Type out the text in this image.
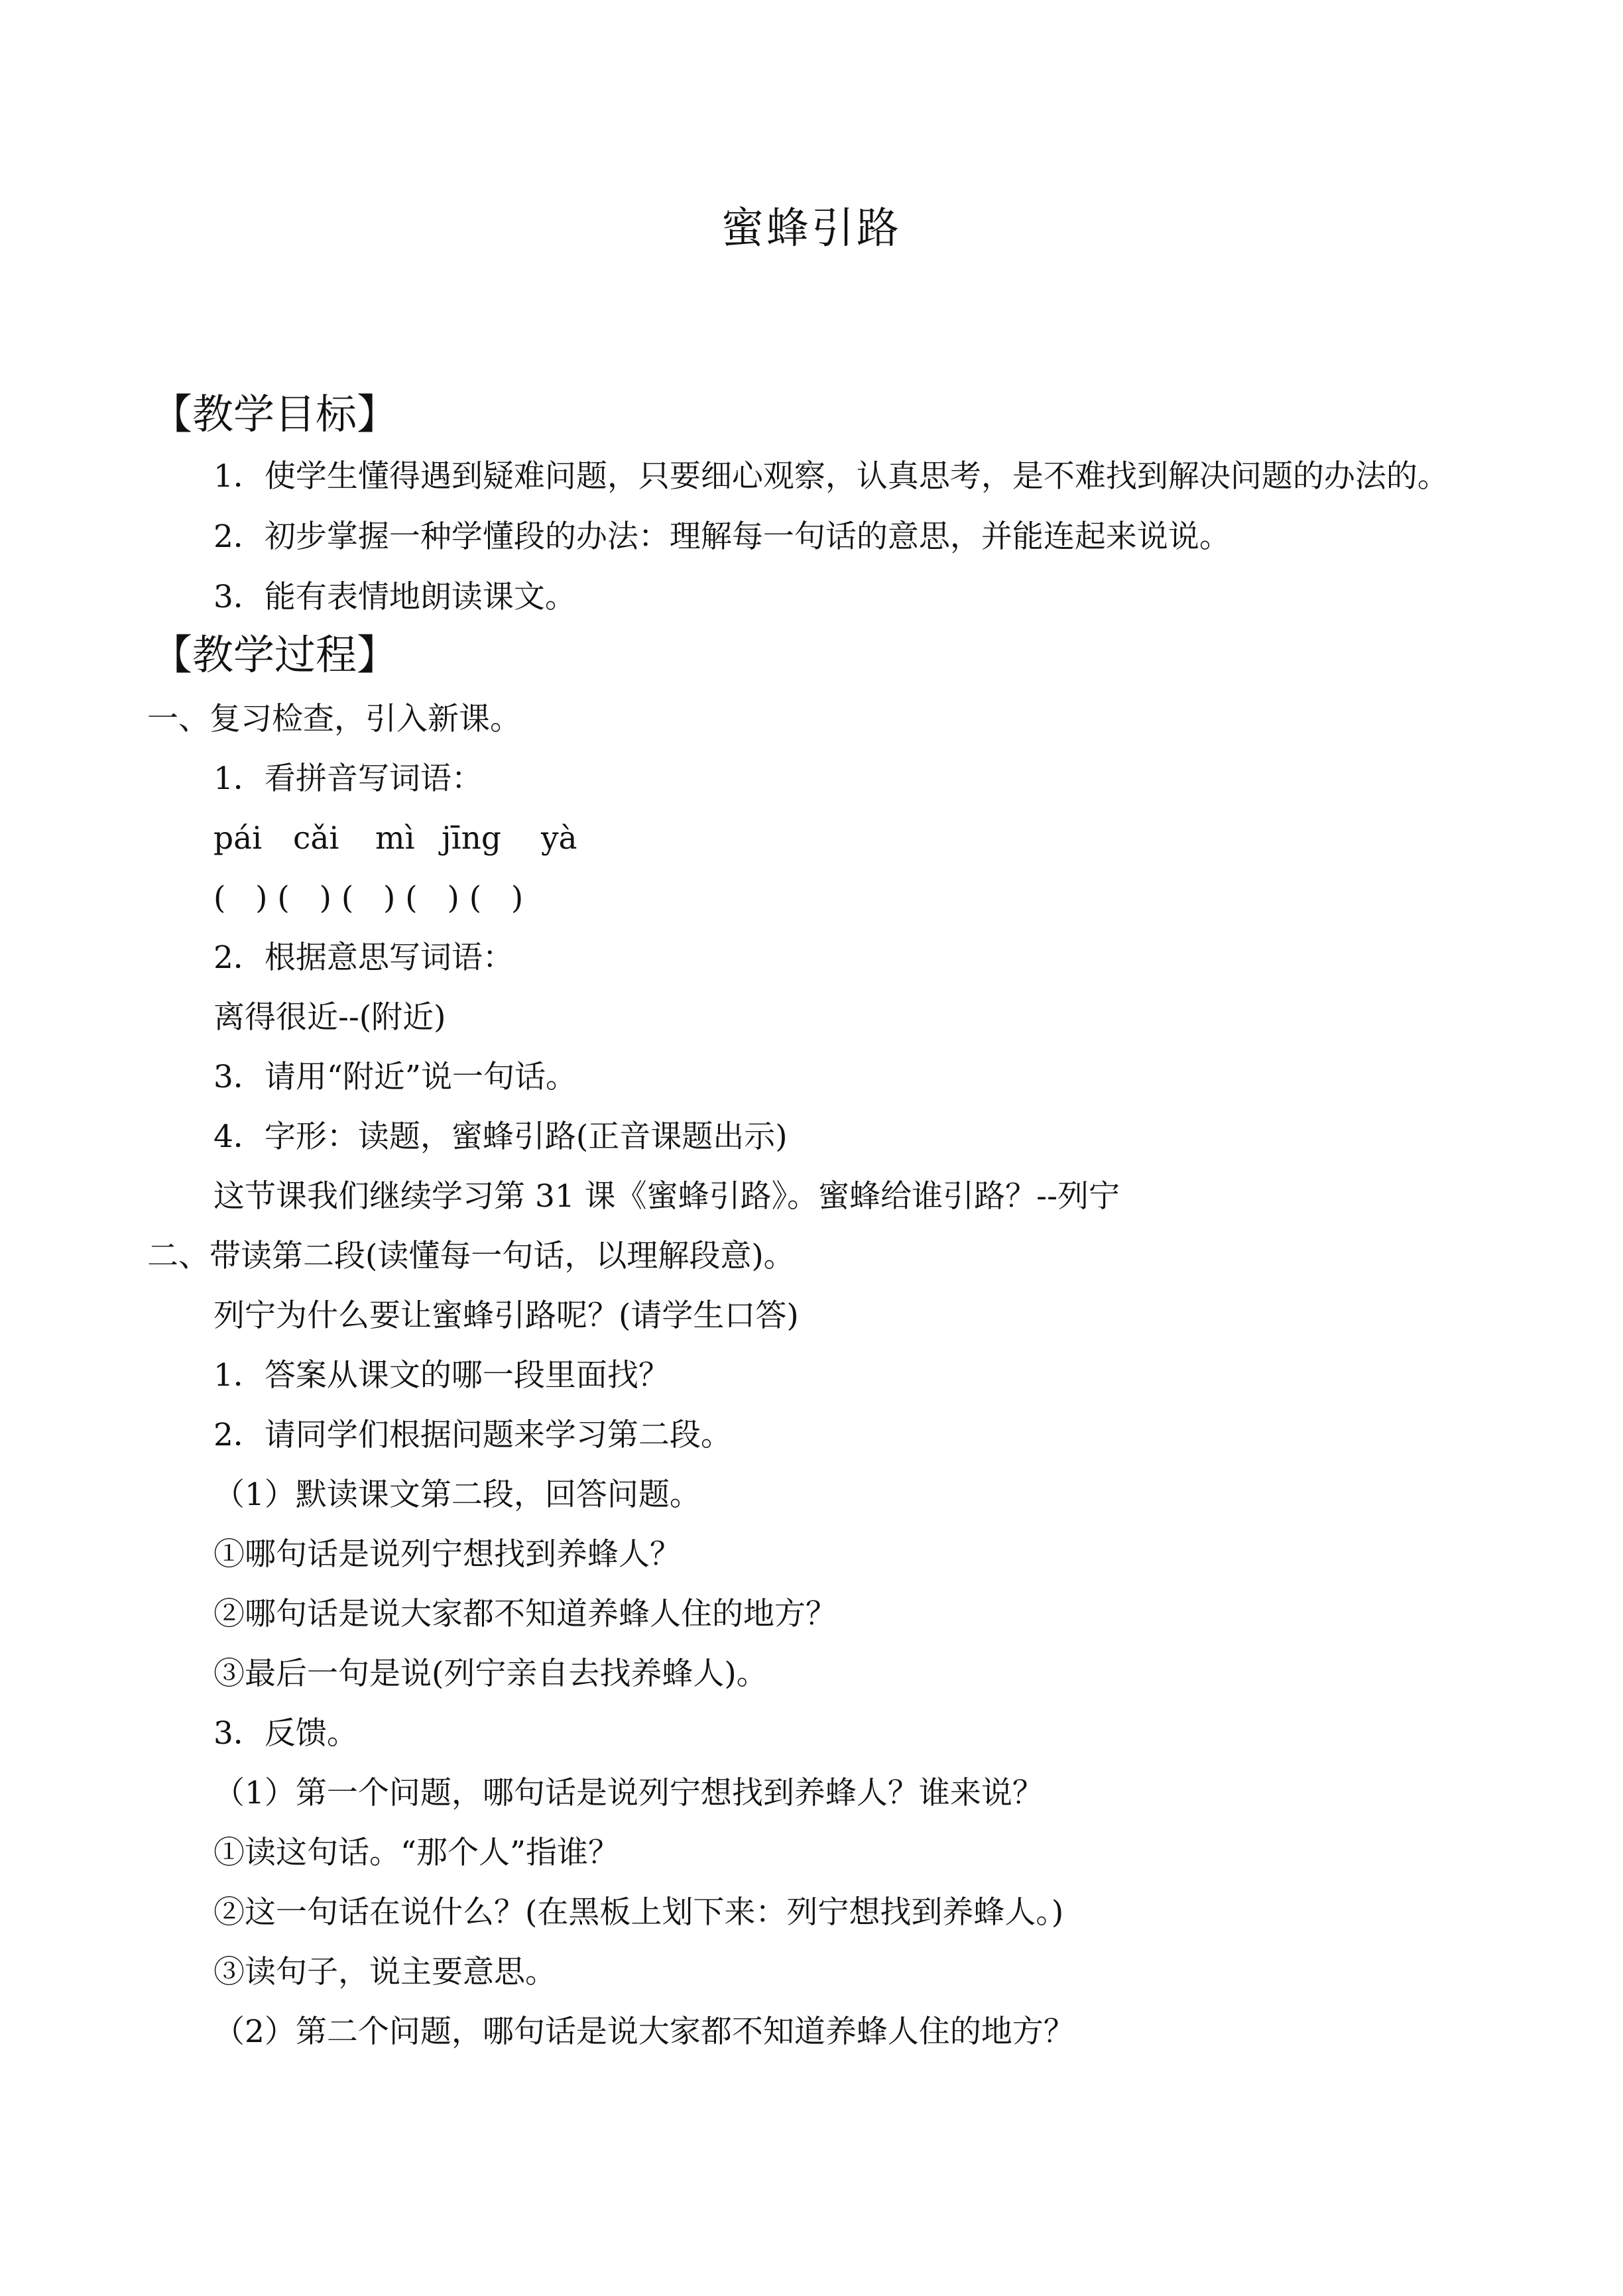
蜜蜂引路
【教学目标】
1．使学生懂得遇到疑难问题，只要细心观察，认真思考，是不难找到解决问题的办法的。
2．初步掌握一种学懂段的办法：理解每一句话的意思，并能连起来说说。
3．能有表情地朗读课文。
【教学过程】
一、复习检查，引入新课。
1．看拼音写词语：
pái cǎi mì jīng yà
(   ) (   ) (   ) (   ) (   )
2．根据意思写词语：
离得很近--(附近)
3．请用“附近”说一句话。
4．字形：读题，蜜蜂引路(正音课题出示)
这节课我们继续学习第 31 课《蜜蜂引路》。蜜蜂给谁引路？--列宁
二、带读第二段(读懂每一句话，以理解段意)。
列宁为什么要让蜜蜂引路呢？(请学生口答)
1．答案从课文的哪一段里面找？
2．请同学们根据问题来学习第二段。
（1）默读课文第二段，回答问题。
①哪句话是说列宁想找到养蜂人？
②哪句话是说大家都不知道养蜂人住的地方？
③最后一句是说(列宁亲自去找养蜂人)。
3．反馈。
（1）第一个问题，哪句话是说列宁想找到养蜂人？谁来说？
①读这句话。“那个人”指谁？
②这一句话在说什么？(在黑板上划下来：列宁想找到养蜂人。)
③读句子，说主要意思。
（2）第二个问题，哪句话是说大家都不知道养蜂人住的地方？
